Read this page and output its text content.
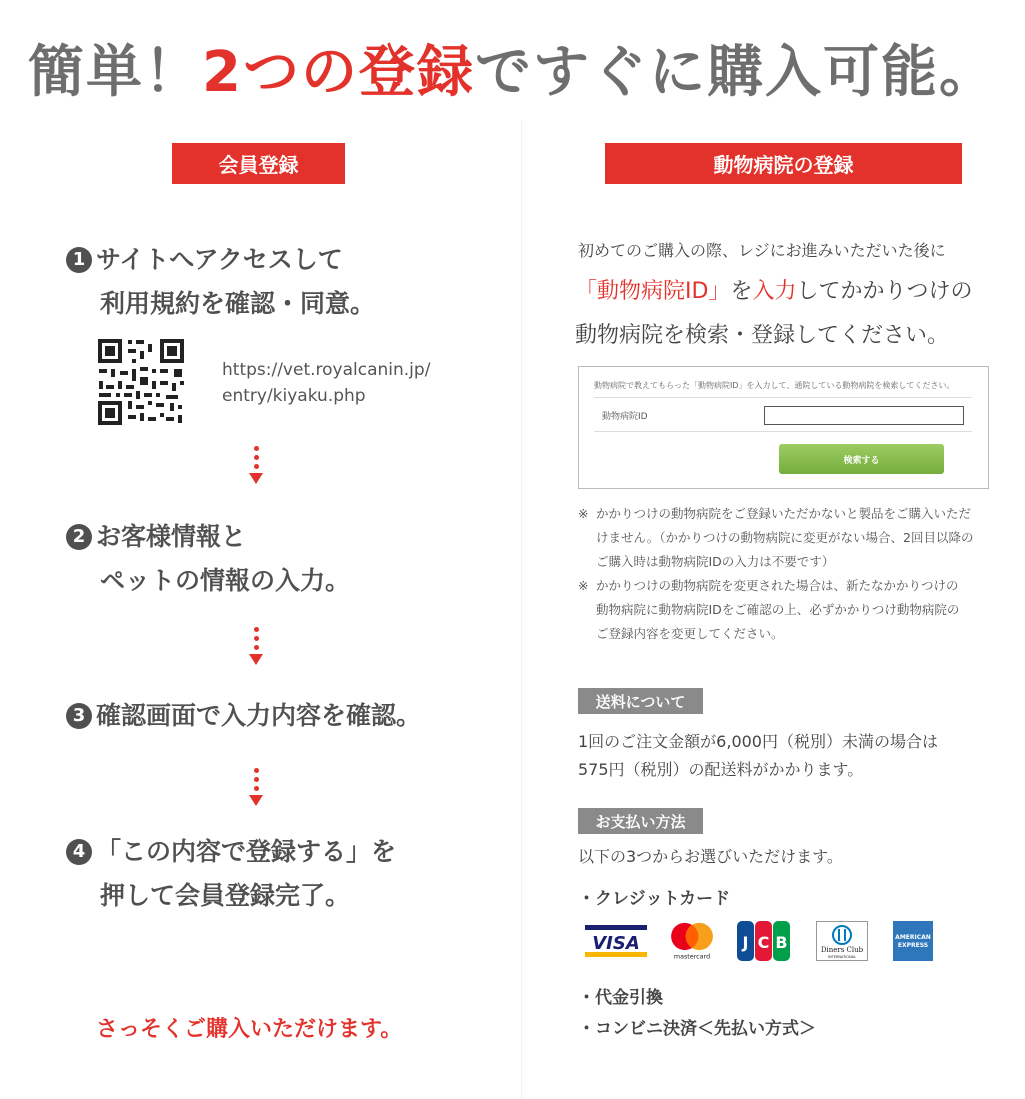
簡単！2つの登録ですぐに購入可能。
会員登録
1 サイトへアクセスして
利用規約を確認・同意。
https://vet.royalcanin.jp/
entry/kiyaku.php
2 お客様情報と
ペットの情報の入力。
3 確認画面で入力内容を確認。
4 「この内容で登録する」を
押して会員登録完了。
さっそくご購入いただけます。
動物病院の登録
初めてのご購入の際、レジにお進みいただいた後に
「動物病院ID」を入力してかかりつけの
動物病院を検索・登録してください。
動物病院で教えてもらった「動物病院ID」を入力して、通院している動物病院を検索してください。
動物病院ID
検索する
※ かかりつけの動物病院をご登録いただかないと製品をご購入いただ
けません。（かかりつけの動物病院に変更がない場合、2回目以降の
ご購入時は動物病院IDの入力は不要です）
※ かかりつけの動物病院を変更された場合は、新たなかかりつけの
動物病院に動物病院IDをご確認の上、必ずかかりつけ動物病院の
ご登録内容を変更してください。
送料について
1回のご注文金額が6,000円（税別）未満の場合は
575円（税別）の配送料がかかります。
お支払い方法
以下の3つからお選びいただけます。
・クレジットカード
VISA
mastercard
J C B	Diners Club
INTERNATIONAL
AMERICAN
EXPRESS
・代金引換
・コンビニ決済＜先払い方式＞
